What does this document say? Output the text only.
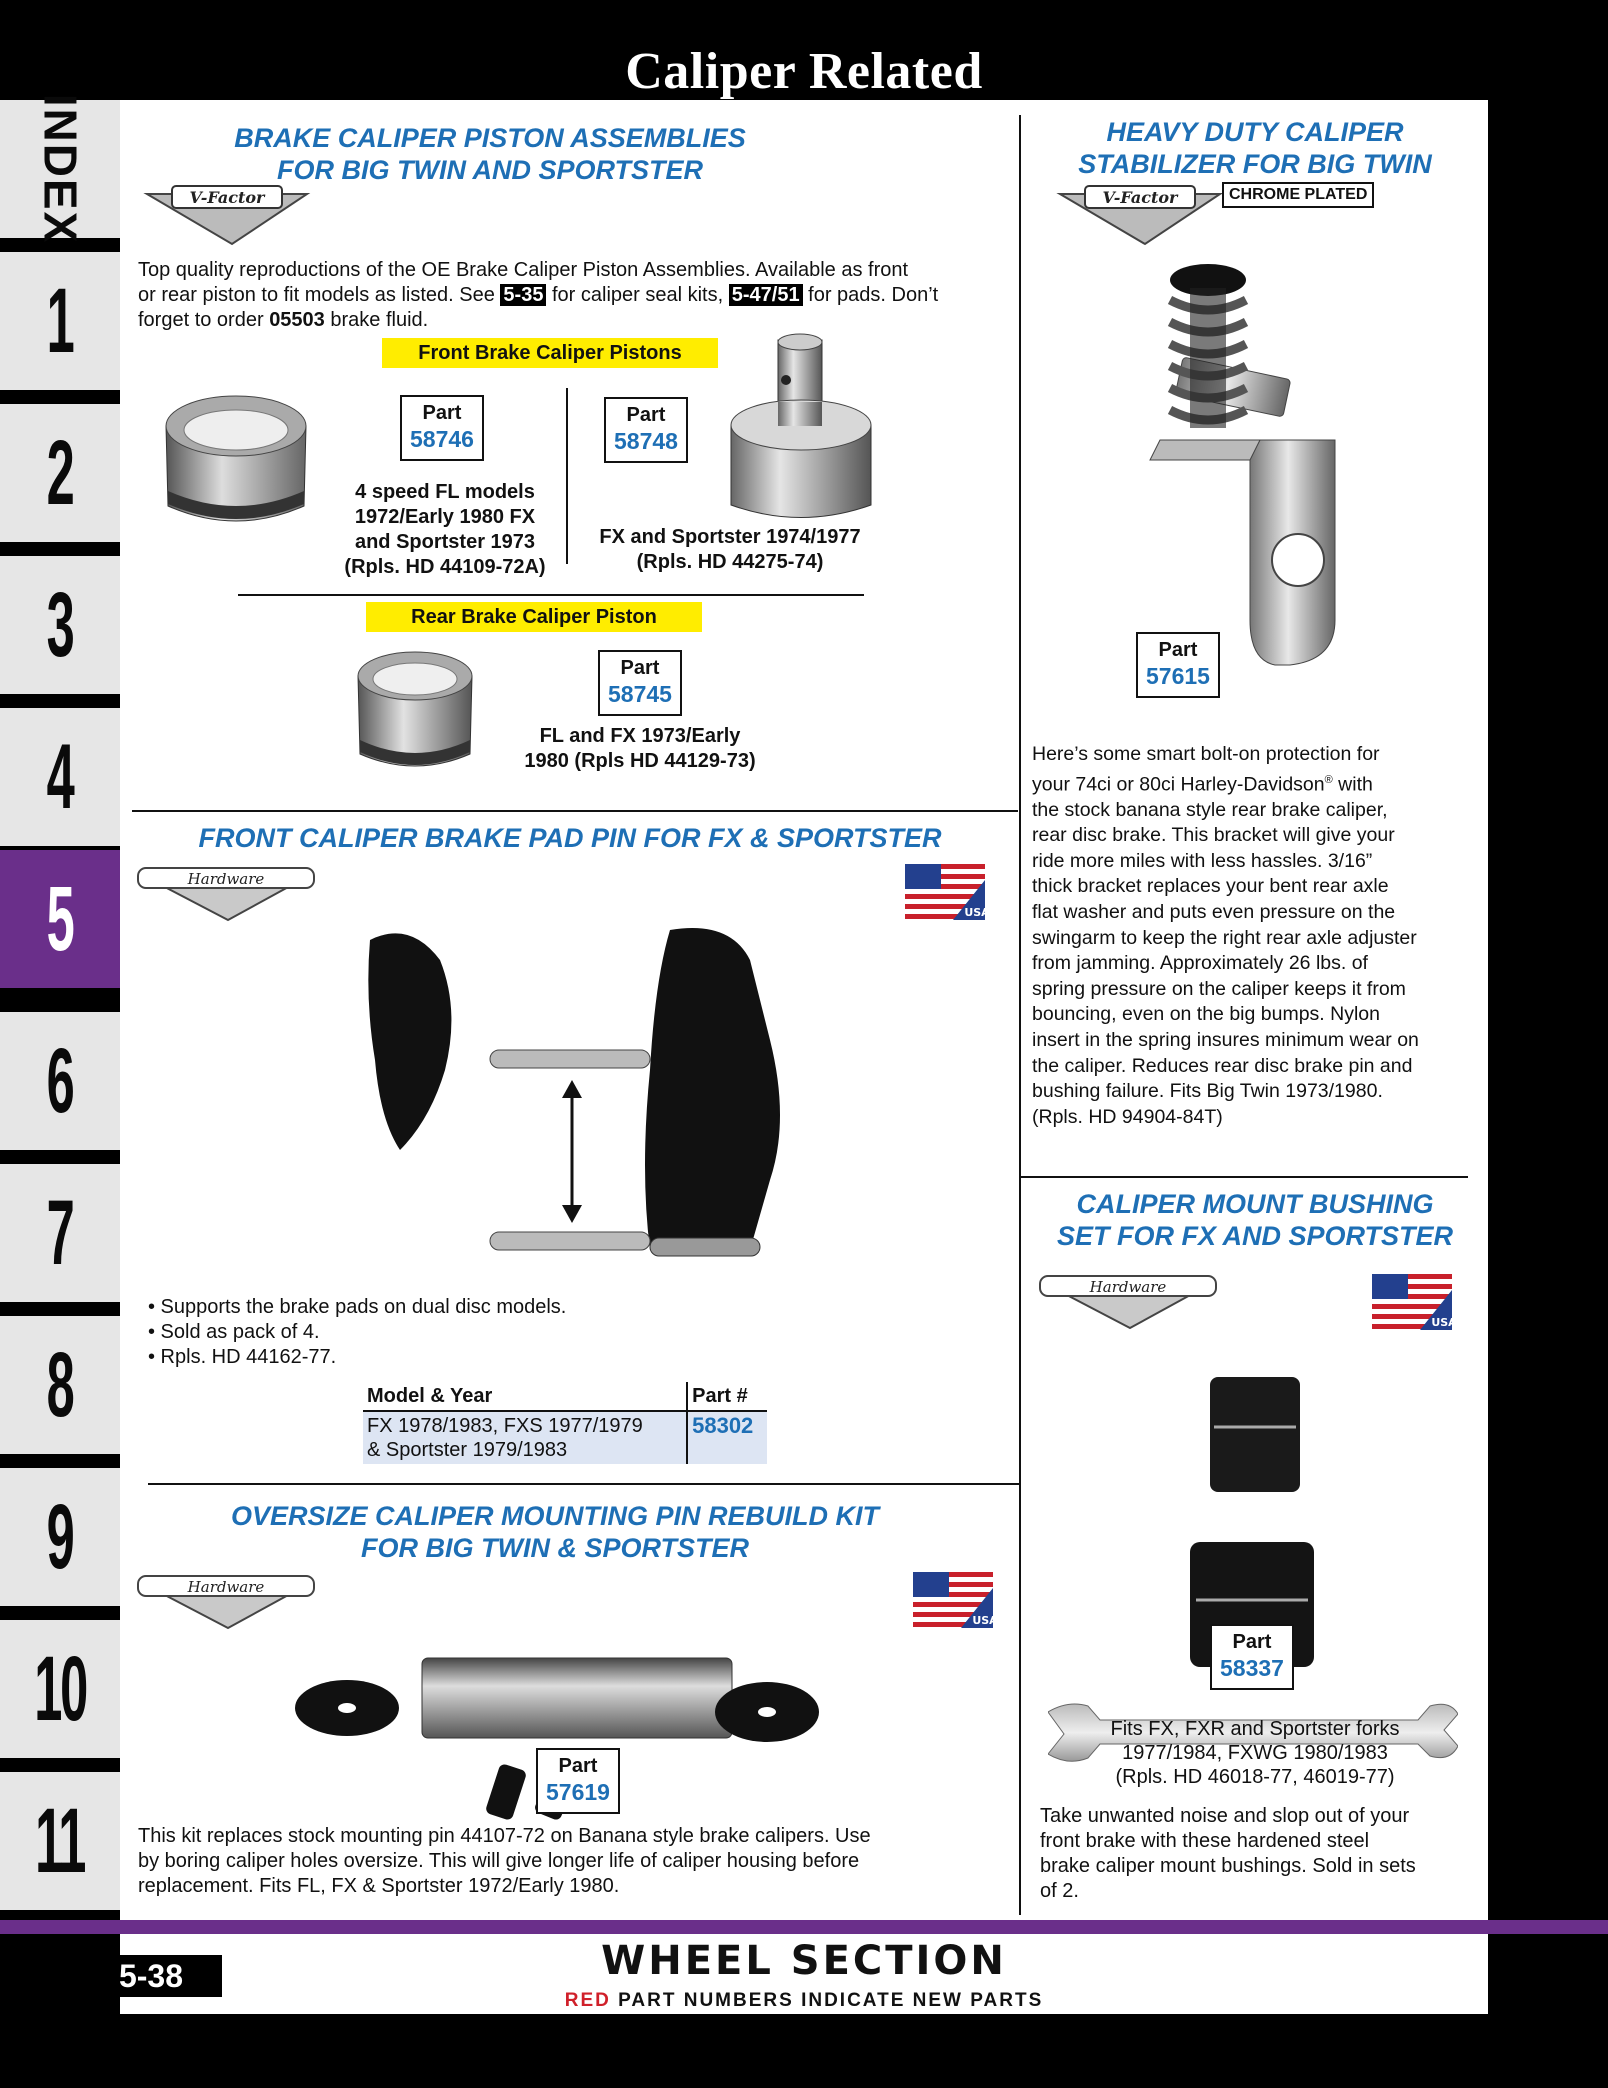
Caliper Related
INDEX
1
2
3
4
5
6
7
8
9
10
11
BRAKE CALIPER PISTON ASSEMBLIES
FOR BIG TWIN AND SPORTSTER
V-Factor
Top quality reproductions of the OE Brake Caliper Piston Assemblies. Available as front
or rear piston to fit models as listed. See 5-35 for caliper seal kits, 5-47/51 for pads. Don’t
forget to order 05503 brake fluid.
Front Brake Caliper Pistons
Part
58746
4 speed FL models
1972/Early 1980 FX
and Sportster 1973
(Rpls. HD 44109-72A)
Part
58748
FX and Sportster 1974/1977
(Rpls. HD 44275-74)
Rear Brake Caliper Piston
Part
58745
FL and FX 1973/Early
1980 (Rpls HD 44129-73)
FRONT CALIPER BRAKE PAD PIN FOR FX & SPORTSTER
Hardware
USA
• Supports the brake pads on dual disc models.
• Sold as pack of 4.
• Rpls. HD 44162-77.
Model & Year	Part #

FX 1978/1983, FXS 1977/1979
& Sportster 1979/1983	58302
OVERSIZE CALIPER MOUNTING PIN REBUILD KIT
FOR BIG TWIN & SPORTSTER
Hardware
USA
Part
57619
This kit replaces stock mounting pin 44107-72 on Banana style brake calipers. Use
by boring caliper holes oversize. This will give longer life of caliper housing before
replacement. Fits FL, FX & Sportster 1972/Early 1980.
HEAVY DUTY CALIPER
STABILIZER FOR BIG TWIN
V-Factor	CHROME PLATED
Part
57615
Here’s some smart bolt-on protection for
your 74ci or 80ci Harley-Davidson® with
the stock banana style rear brake caliper,
rear disc brake. This bracket will give your
ride more miles with less hassles. 3/16”
thick bracket replaces your bent rear axle
flat washer and puts even pressure on the
swingarm to keep the right rear axle adjuster
from jamming. Approximately 26 lbs. of
spring pressure on the caliper keeps it from
bouncing, even on the big bumps. Nylon
insert in the spring insures minimum wear on
the caliper. Reduces rear disc brake pin and
bushing failure. Fits Big Twin 1973/1980.
(Rpls. HD 94904-84T)
CALIPER MOUNT BUSHING
SET FOR FX AND SPORTSTER
Hardware
USA
Part
58337
Fits FX, FXR and Sportster forks
1977/1984, FXWG 1980/1983
(Rpls. HD 46018-77, 46019-77)
Take unwanted noise and slop out of your
front brake with these hardened steel
brake caliper mount bushings. Sold in sets
of 2.
5-38	WHEEL SECTION
RED PART NUMBERS INDICATE NEW PARTS
